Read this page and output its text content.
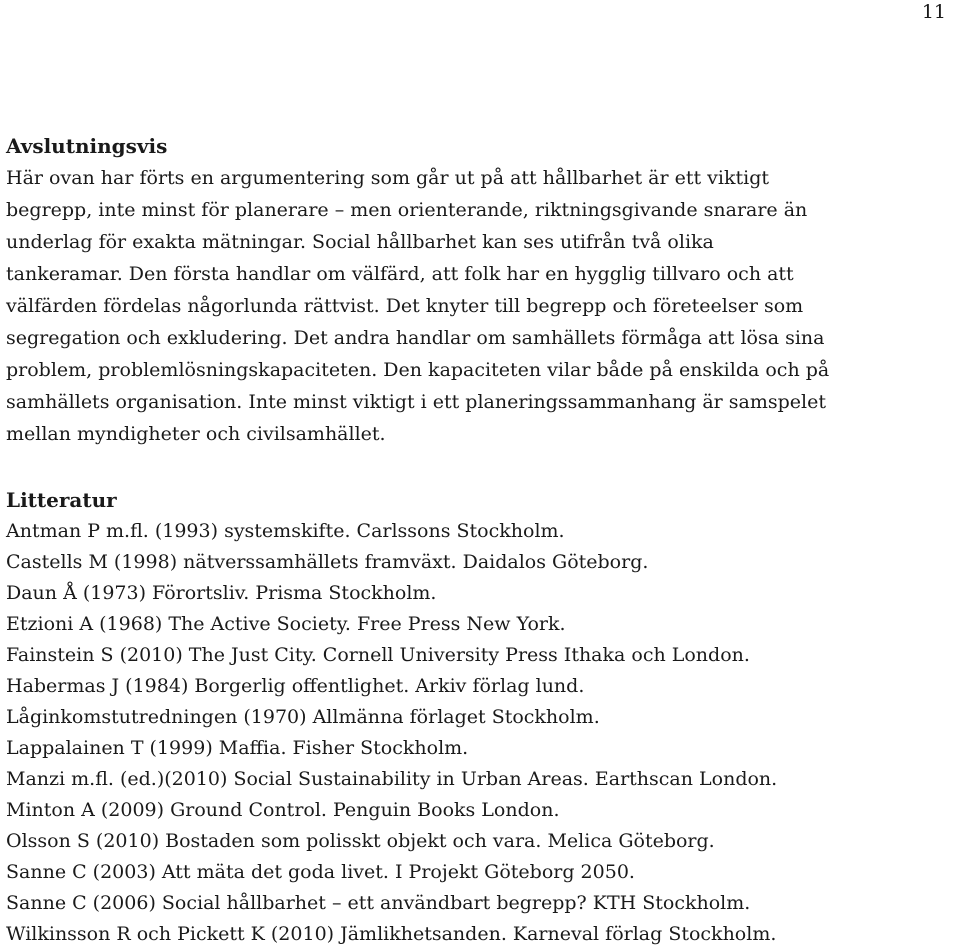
11
Avslutningsvis
Här ovan har förts en argumentering som går ut på att hållbarhet är ett viktigt
begrepp, inte minst för planerare – men orienterande, riktningsgivande snarare än
underlag för exakta mätningar. Social hållbarhet kan ses utifrån två olika
tankeramar. Den första handlar om välfärd, att folk har en hygglig tillvaro och att
välfärden fördelas någorlunda rättvist. Det knyter till begrepp och företeelser som
segregation och exkludering. Det andra handlar om samhällets förmåga att lösa sina
problem, problemlösningskapaciteten. Den kapaciteten vilar både på enskilda och på
samhällets organisation. Inte minst viktigt i ett planeringssammanhang är samspelet
mellan myndigheter och civilsamhället.
Litteratur
Antman P m.fl. (1993) systemskifte. Carlssons Stockholm.
Castells M (1998) nätverssamhällets framväxt. Daidalos Göteborg.
Daun Å (1973) Förortsliv. Prisma Stockholm.
Etzioni A (1968) The Active Society. Free Press New York.
Fainstein S (2010) The Just City. Cornell University Press Ithaka och London.
Habermas J (1984) Borgerlig offentlighet. Arkiv förlag lund.
Låginkomstutredningen (1970) Allmänna förlaget Stockholm.
Lappalainen T (1999) Maffia. Fisher Stockholm.
Manzi m.fl. (ed.)(2010) Social Sustainability in Urban Areas. Earthscan London.
Minton A (2009) Ground Control. Penguin Books London.
Olsson S (2010) Bostaden som polisskt objekt och vara. Melica Göteborg.
Sanne C (2003) Att mäta det goda livet. I Projekt Göteborg 2050.
Sanne C (2006) Social hållbarhet – ett användbart begrepp? KTH Stockholm.
Wilkinsson R och Pickett K (2010) Jämlikhetsanden. Karneval förlag Stockholm.
